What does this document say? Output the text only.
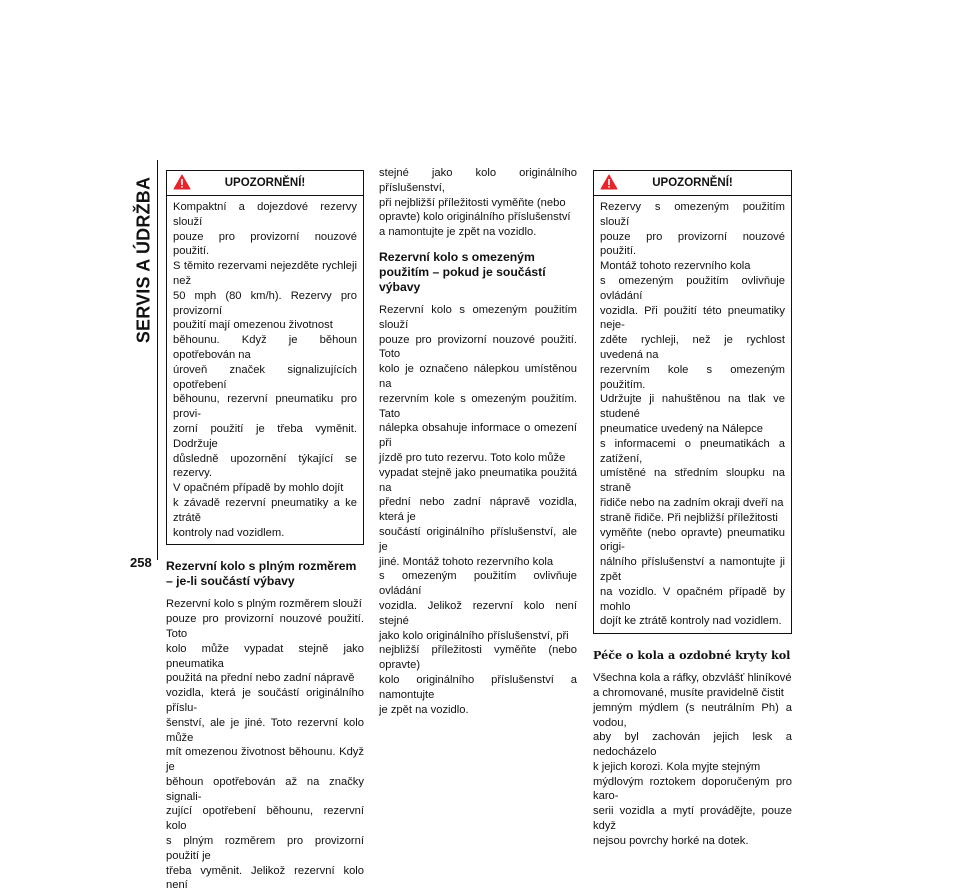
SERVIS A ÚDRŽBA
258
UPOZORNĚNÍ!
Kompaktní a dojezdové rezervy slouží
pouze pro provizorní nouzové použití.
S těmito rezervami nejezděte rychleji než
50 mph (80 km/h). Rezervy pro provizorní
použití mají omezenou životnost
běhounu. Když je běhoun opotřebován na
úroveň značek signalizujících opotřebení
běhounu, rezervní pneumatiku pro provi-
zorní použití je třeba vyměnit. Dodržuje
důsledně upozornění týkající se rezervy.
V opačném případě by mohlo dojít
k závadě rezervní pneumatiky a ke ztrátě
kontroly nad vozidlem.
Rezervní kolo s plným rozměrem – je-li součástí výbavy

Rezervní kolo s plným rozměrem slouží
pouze pro provizorní nouzové použití. Toto
kolo může vypadat stejně jako pneumatika
použitá na přední nebo zadní nápravě
vozidla, která je součástí originálního příslu-
šenství, ale je jiné. Toto rezervní kolo může
mít omezenou životnost běhounu. Když je
běhoun opotřebován až na značky signali-
zující opotřebení běhounu, rezervní kolo
s plným rozměrem pro provizorní použití je
třeba vyměnit. Jelikož rezervní kolo není

stejné jako kolo originálního příslušenství,
při nejbližší příležitosti vyměňte (nebo
opravte) kolo originálního příslušenství
a namontujte je zpět na vozidlo.

Rezervní kolo s omezeným použitím – pokud je součástí výbavy

Rezervní kolo s omezeným použitím slouží
pouze pro provizorní nouzové použití. Toto
kolo je označeno nálepkou umístěnou na
rezervním kole s omezeným použitím. Tato
nálepka obsahuje informace o omezení při
jízdě pro tuto rezervu. Toto kolo může
vypadat stejně jako pneumatika použitá na
přední nebo zadní nápravě vozidla, která je
součástí originálního příslušenství, ale je
jiné. Montáž tohoto rezervního kola
s omezeným použitím ovlivňuje ovládání
vozidla. Jelikož rezervní kolo není stejné
jako kolo originálního příslušenství, při
nejbližší příležitosti vyměňte (nebo opravte)
kolo originálního příslušenství a namontujte
je zpět na vozidlo.

UPOZORNĚNÍ!
Rezervy s omezeným použitím slouží
pouze pro provizorní nouzové použití.
Montáž tohoto rezervního kola
s omezeným použitím ovlivňuje ovládání
vozidla. Při použití této pneumatiky neje-
zděte rychleji, než je rychlost uvedená na
rezervním kole s omezeným použitím.
Udržujte ji nahuštěnou na tlak ve studené
pneumatice uvedený na Nálepce
s informacemi o pneumatikách a zatížení,
umístěné na středním sloupku na straně
řidiče nebo na zadním okraji dveří na
straně řidiče. Při nejbližší příležitosti
vyměňte (nebo opravte) pneumatiku origi-
nálního příslušenství a namontujte ji zpět
na vozidlo. V opačném případě by mohlo
dojít ke ztrátě kontroly nad vozidlem.
Péče o kola a ozdobné kryty kol

Všechna kola a ráfky, obzvlášť hliníkové
a chromované, musíte pravidelně čistit
jemným mýdlem (s neutrálním Ph) a vodou,
aby byl zachován jejich lesk a nedocházelo
k jejich korozi. Kola myjte stejným
mýdlovým roztokem doporučeným pro karo-
serii vozidla a mytí provádějte, pouze když
nejsou povrchy horké na dotek.
